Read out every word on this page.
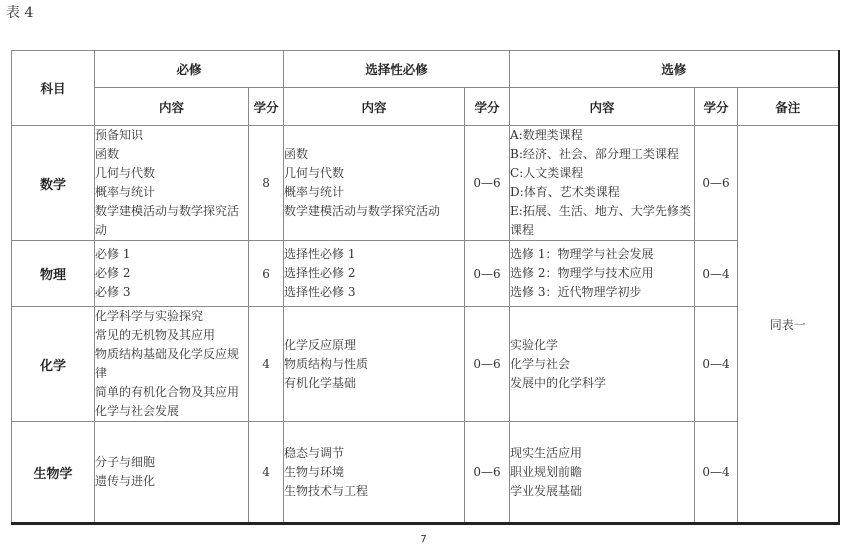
表 4
科目	必修		选择性必修		选修		
	内容	学分	内容	学分	内容	学分	备注
数学	预备知识
函数
几何与代数
概率与统计
数学建模活动与数学探究活动	8	函数
几何与代数
概率与统计
数学建模活动与数学探究活动	0—6	A:数理类课程
B:经济、社会、部分理工类课程
C:人文类课程
D:体育、艺术类课程
E:拓展、生活、地方、大学先修类课程	0—6	同表一
物理	必修 1
必修 2
必修 3	6	选择性必修 1
选择性必修 2
选择性必修 3	0—6	选修 1：物理学与社会发展
选修 2：物理学与技术应用
选修 3：近代物理学初步	0—4	
化学	化学科学与实验探究
常见的无机物及其应用
物质结构基础及化学反应规律
简单的有机化合物及其应用
化学与社会发展	4	化学反应原理
物质结构与性质
有机化学基础	0—6	实验化学
化学与社会
发展中的化学科学	0—4	
生物学	分子与细胞
遗传与进化	4	稳态与调节
生物与环境
生物技术与工程	0—6	现实生活应用
职业规划前瞻
学业发展基础	0—4	
7
